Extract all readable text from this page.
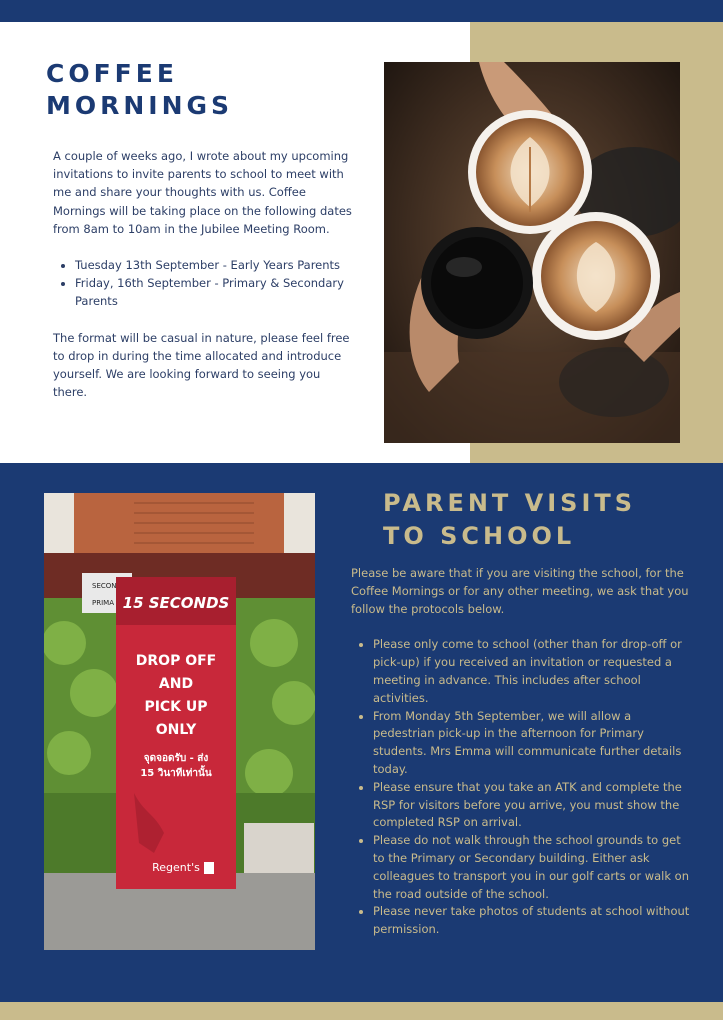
COFFEE MORNINGS

A couple of weeks ago, I wrote about my upcoming invitations to invite parents to school to meet with me and share your thoughts with us. Coffee Mornings will be taking place on the following dates from 8am to 10am in the Jubilee Meeting Room.

• Tuesday 13th September - Early Years Parents
• Friday, 16th September - Primary & Secondary Parents

The format will be casual in nature, please feel free to drop in during the time allocated and introduce yourself. We are looking forward to seeing you there.

SECON
PRIMA 15 SECONDS
DROP OFF
AND
PICK UP
ONLY
จุดจอดรับ - ส่ง
15 วินาทีเท่านั้น
Regent's
PARENT VISITS TO SCHOOL

Please be aware that if you are visiting the school, for the Coffee Mornings or for any other meeting, we ask that you follow the protocols below.

• Please only come to school (other than for drop-off or pick-up) if you received an invitation or requested a meeting in advance. This includes after school activities.
• From Monday 5th September, we will allow a pedestrian pick-up in the afternoon for Primary students. Mrs Emma will communicate further details today.
• Please ensure that you take an ATK and complete the RSP for visitors before you arrive, you must show the completed RSP on arrival.
• Please do not walk through the school grounds to get to the Primary or Secondary building. Either ask colleagues to transport you in our golf carts or walk on the road outside of the school.
• Please never take photos of students at school without permission.
